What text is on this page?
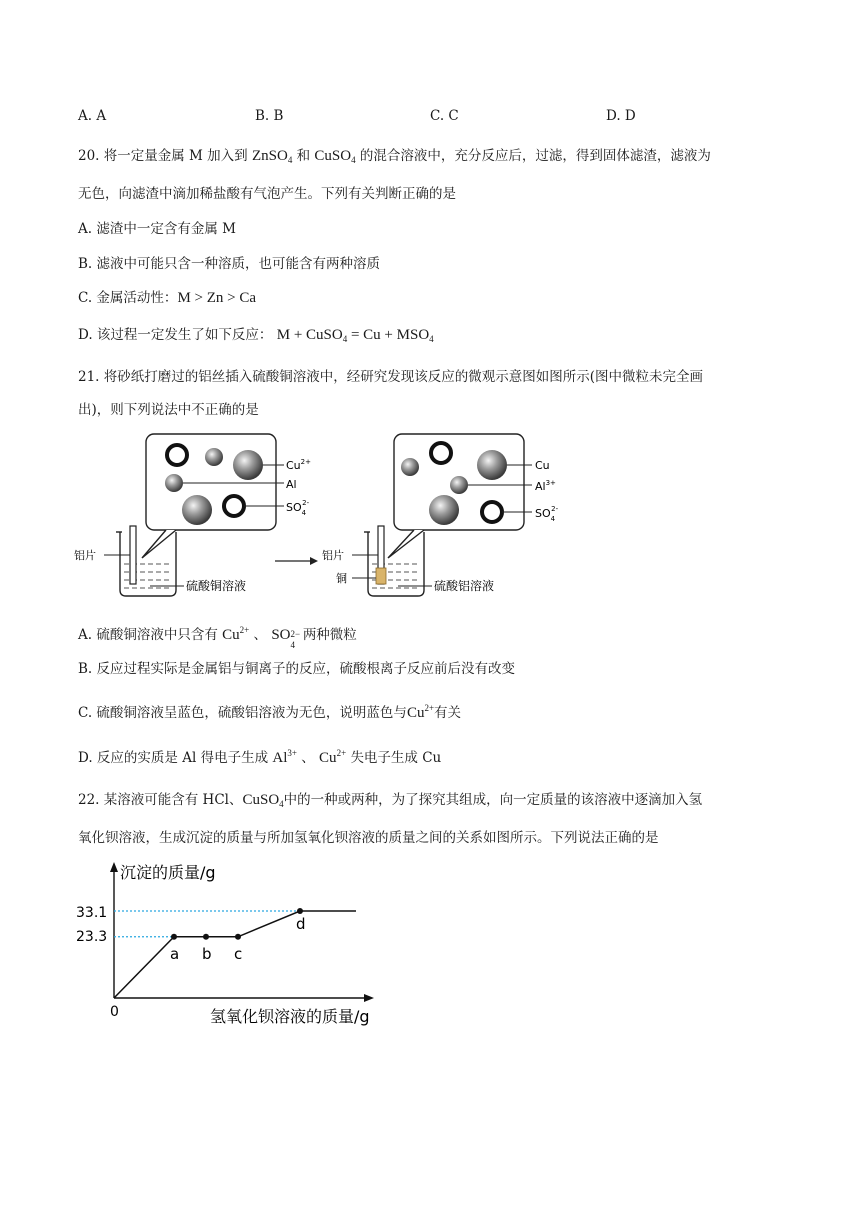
A. A	B. B	C. C	D. D
20. 将一定量金属 M 加入到 ZnSO$_4$ 和 CuSO$_4$ 的混合溶液中，充分反应后，过滤，得到固体滤渣，滤液为
无色，向滤渣中滴加稀盐酸有气泡产生。下列有关判断正确的是
A. 滤渣中一定含有金属 M
B. 滤液中可能只含一种溶质，也可能含有两种溶质
C. 金属活动性：M > Zn > Ca
D. 该过程一定发生了如下反应： M + CuSO$_4$ = $Cu + MSO_4$
21. 将砂纸打磨过的铝丝插入硫酸铜溶液中，经研究发现该反应的微观示意图如图所示(图中微粒未完全画
出)，则下列说法中不正确的是
$Cu^{2+}$
Al
$SO_42-$
铝片
硫酸铜溶液
Cu
$Al^{3+}$
$SO_42-$
铝片
铜
硫酸铝溶液
A. 硫酸铜溶液中只含有 $Cu^{2+}$ 、 SO 2−
4
两种微粒
B. 反应过程实际是金属铝与铜离子的反应，硫酸根离子反应前后没有改变
C. 硫酸铜溶液呈蓝色，硫酸铝溶液为无色，说明蓝色与$Cu^{2+}$有关
D. 反应的实质是 Al 得电子生成 $Al^{3+}$ 、 $Cu^{2+}$ 失电子生成 Cu
22. 某溶液可能含有 HCl、CuSO$_4$中的一种或两种，为了探究其组成，向一定质量的该溶液中逐滴加入氢
氧化钡溶液，生成沉淀的质量与所加氢氧化钡溶液的质量之间的关系如图所示。下列说法正确的是
沉淀的质量/g
氢氧化钡溶液的质量/g
0
33.1
23.3
a b c
d
